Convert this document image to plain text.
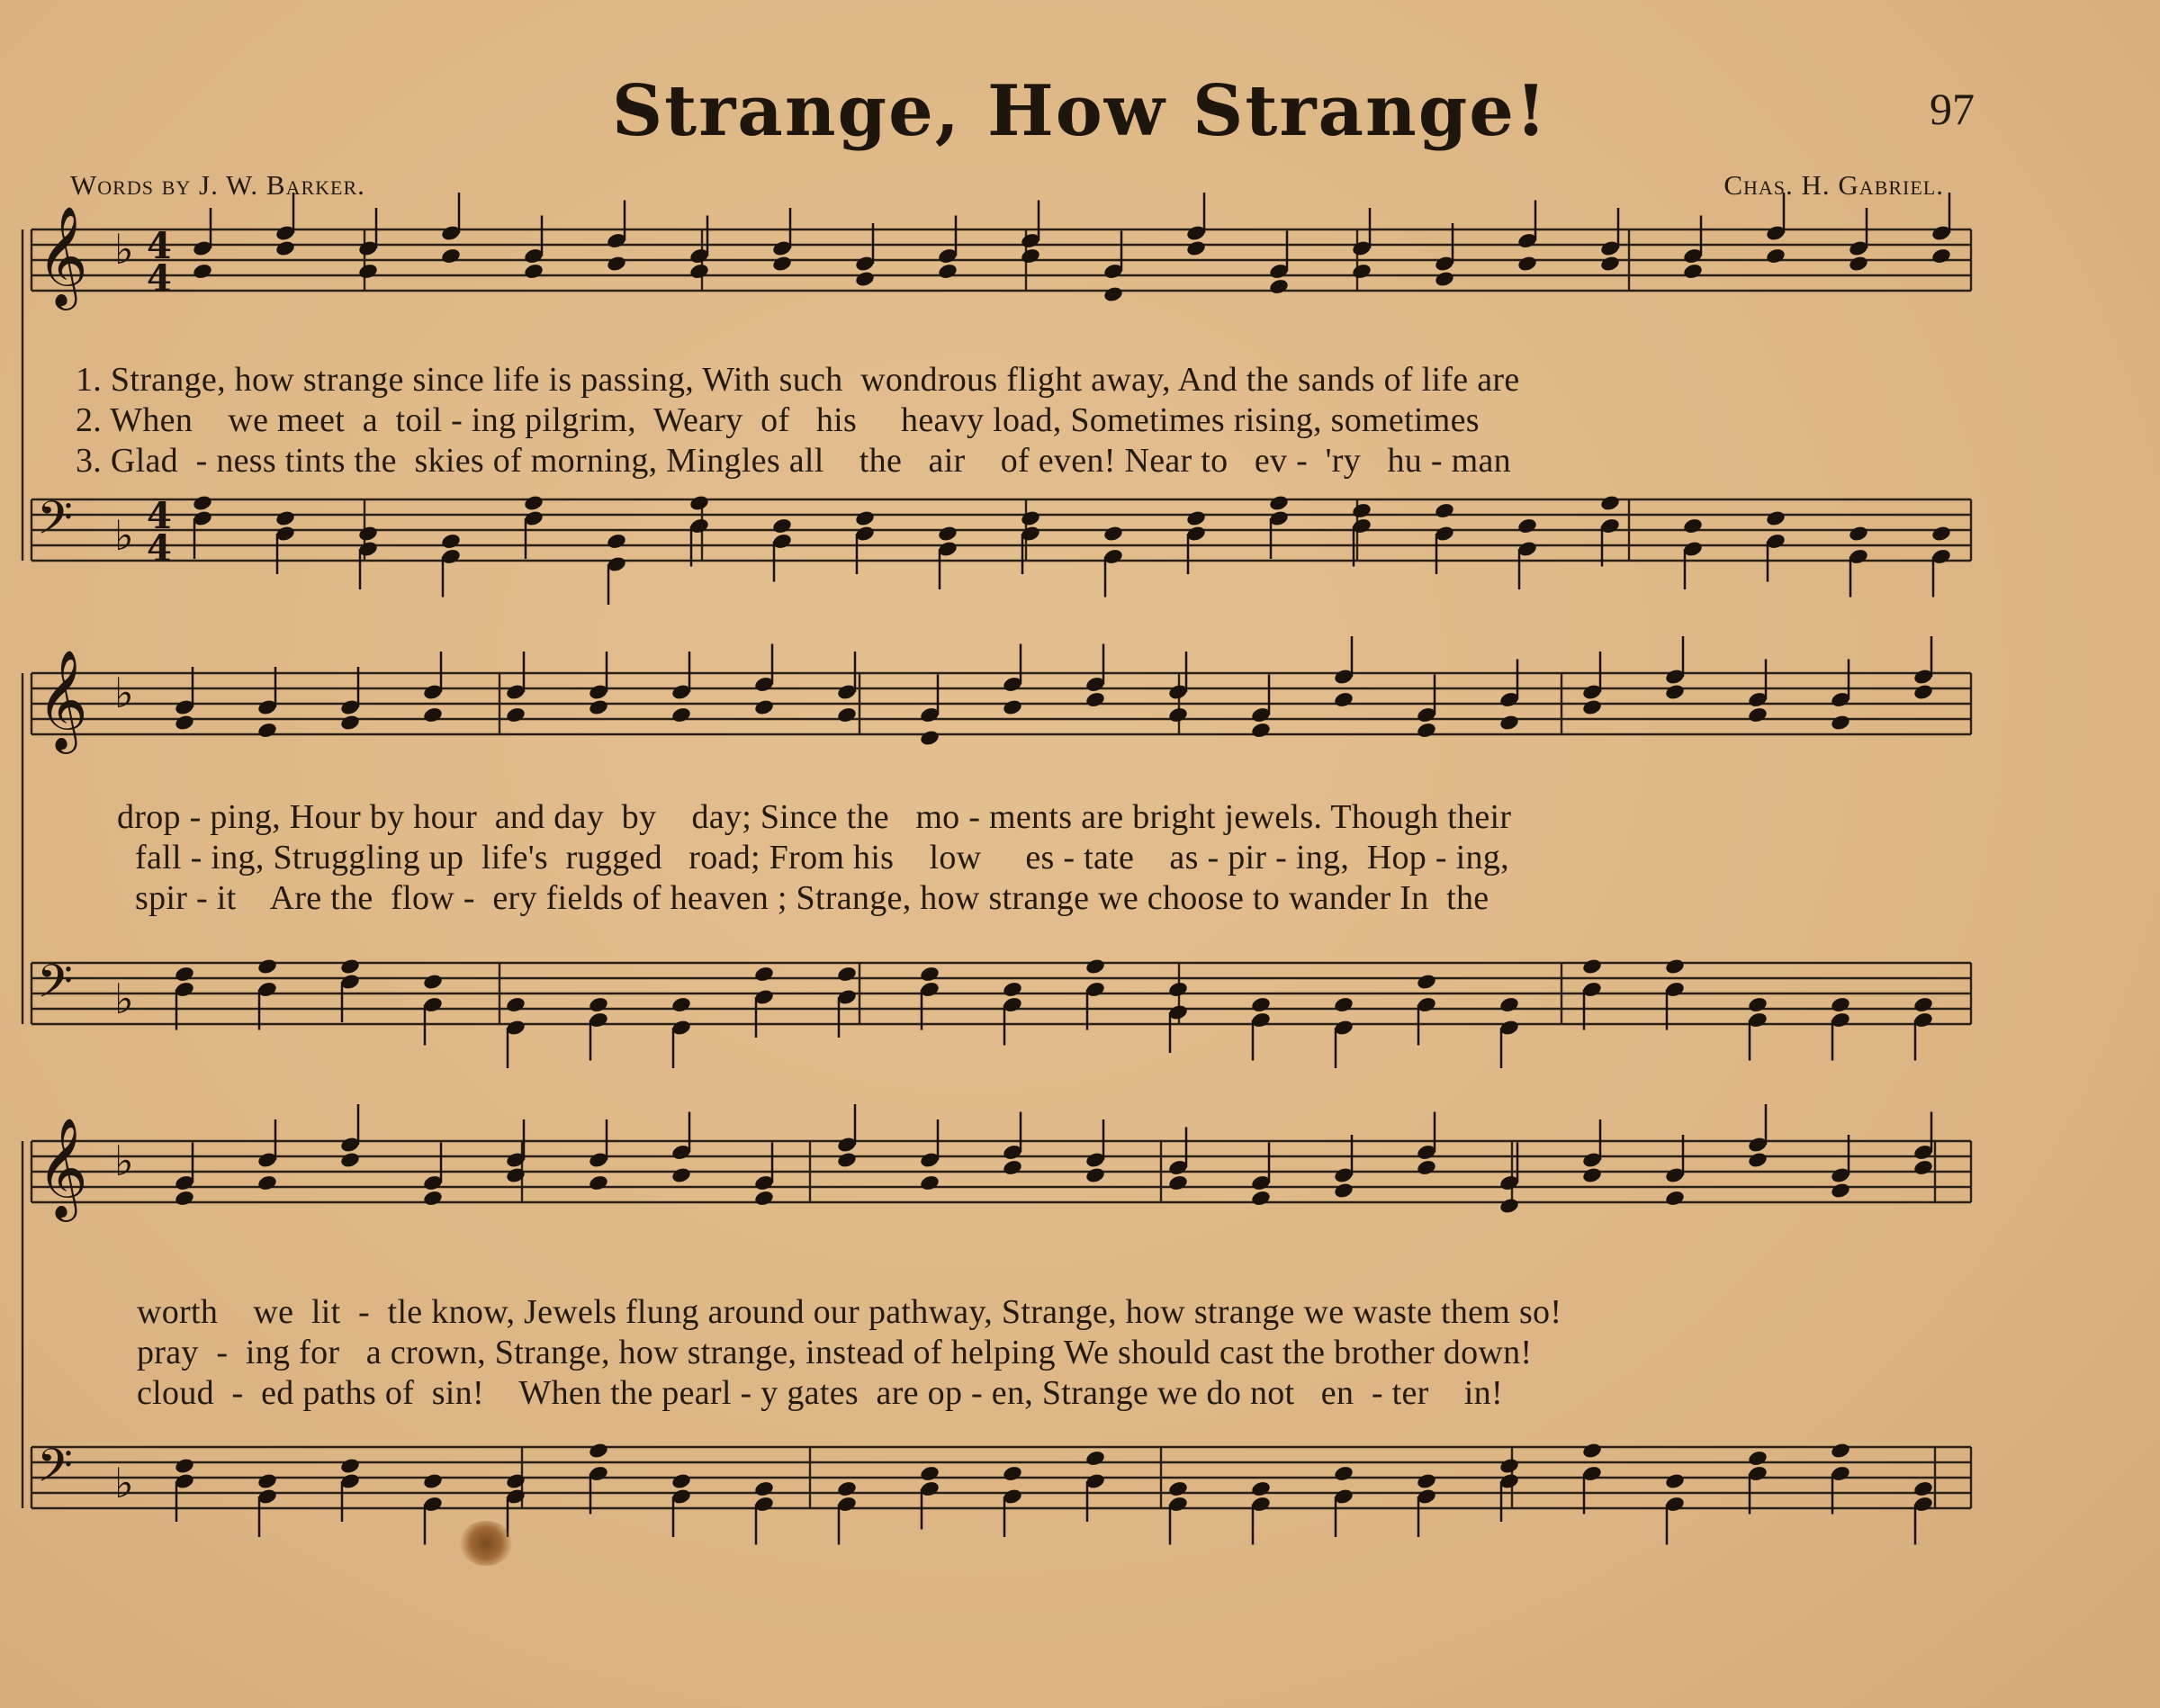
Strange, How Strange!	97
Words by J. W. Barker.	Chas. H. Gabriel.
𝄞 ♭ 4
4
𝄢 ♭ 4
4
𝄞 ♭
𝄢 ♭
𝄞 ♭
𝄢 ♭
1. Strange, how strange since life is passing, With such  wondrous flight away, And the sands of life are
2. When    we meet  a  toil - ing pilgrim,  Weary  of   his     heavy load, Sometimes rising, sometimes
3. Glad  - ness tints the  skies of morning, Mingles all    the   air    of even! Near to   ev -  'ry   hu - man
drop - ping, Hour by hour  and day  by    day; Since the   mo - ments are bright jewels. Though their
fall - ing, Struggling up  life's  rugged   road; From his    low     es - tate    as - pir - ing,  Hop - ing,
spir - it    Are the  flow -  ery fields of heaven ; Strange, how strange we choose to wander In  the
worth    we  lit  -  tle know, Jewels flung around our pathway, Strange, how strange we waste them so!
pray  -  ing for   a crown, Strange, how strange, instead of helping We should cast the brother down!
cloud  -  ed paths of  sin!    When the pearl - y gates  are op - en, Strange we do not   en  - ter    in!
